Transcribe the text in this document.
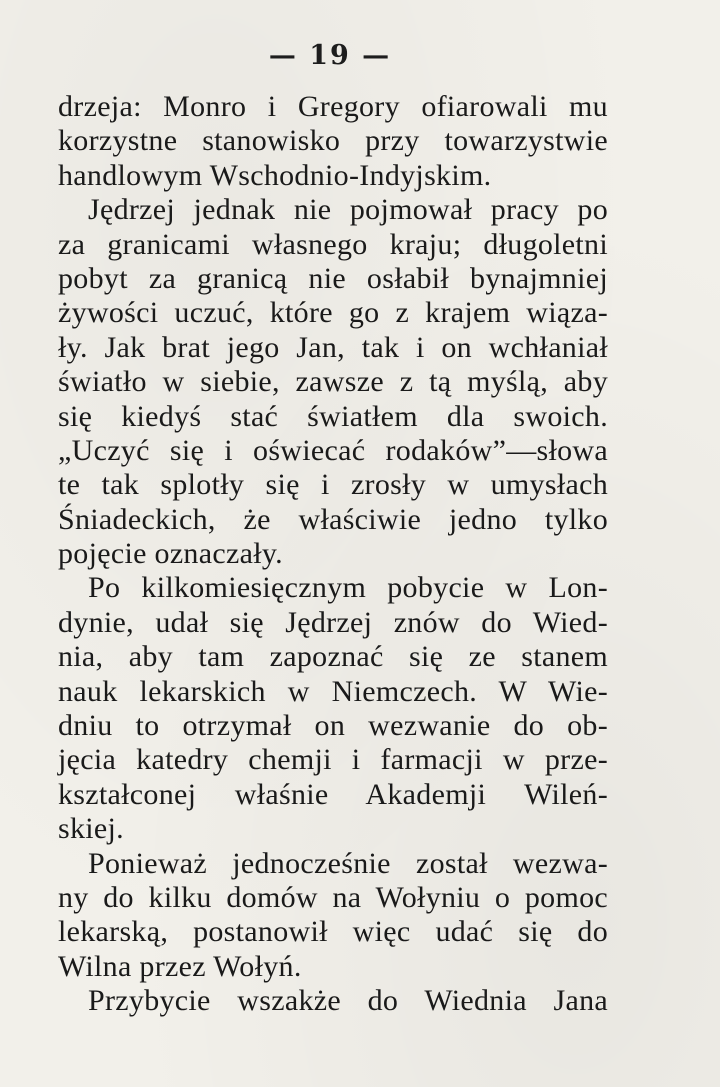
— 19 —
drzeja: Monro i Gregory ofiarowali mu
korzystne stanowisko przy towarzystwie
handlowym Wschodnio-Indyjskim.
Jędrzej jednak nie pojmował pracy po
za granicami własnego kraju; długoletni
pobyt za granicą nie osłabił bynajmniej
żywości uczuć, które go z krajem wiąza-
ły. Jak brat jego Jan, tak i on wchłaniał
światło w siebie, zawsze z tą myślą, aby
się kiedyś stać światłem dla swoich.
„Uczyć się i oświecać rodaków”—słowa
te tak splotły się i zrosły w umysłach
Śniadeckich, że właściwie jedno tylko
pojęcie oznaczały.
Po kilkomiesięcznym pobycie w Lon-
dynie, udał się Jędrzej znów do Wied-
nia, aby tam zapoznać się ze stanem
nauk lekarskich w Niemczech. W Wie-
dniu to otrzymał on wezwanie do ob-
jęcia katedry chemji i farmacji w prze-
kształconej właśnie Akademji Wileń-
skiej.
Ponieważ jednocześnie został wezwa-
ny do kilku domów na Wołyniu o pomoc
lekarską, postanowił więc udać się do
Wilna przez Wołyń.
Przybycie wszakże do Wiednia Jana
